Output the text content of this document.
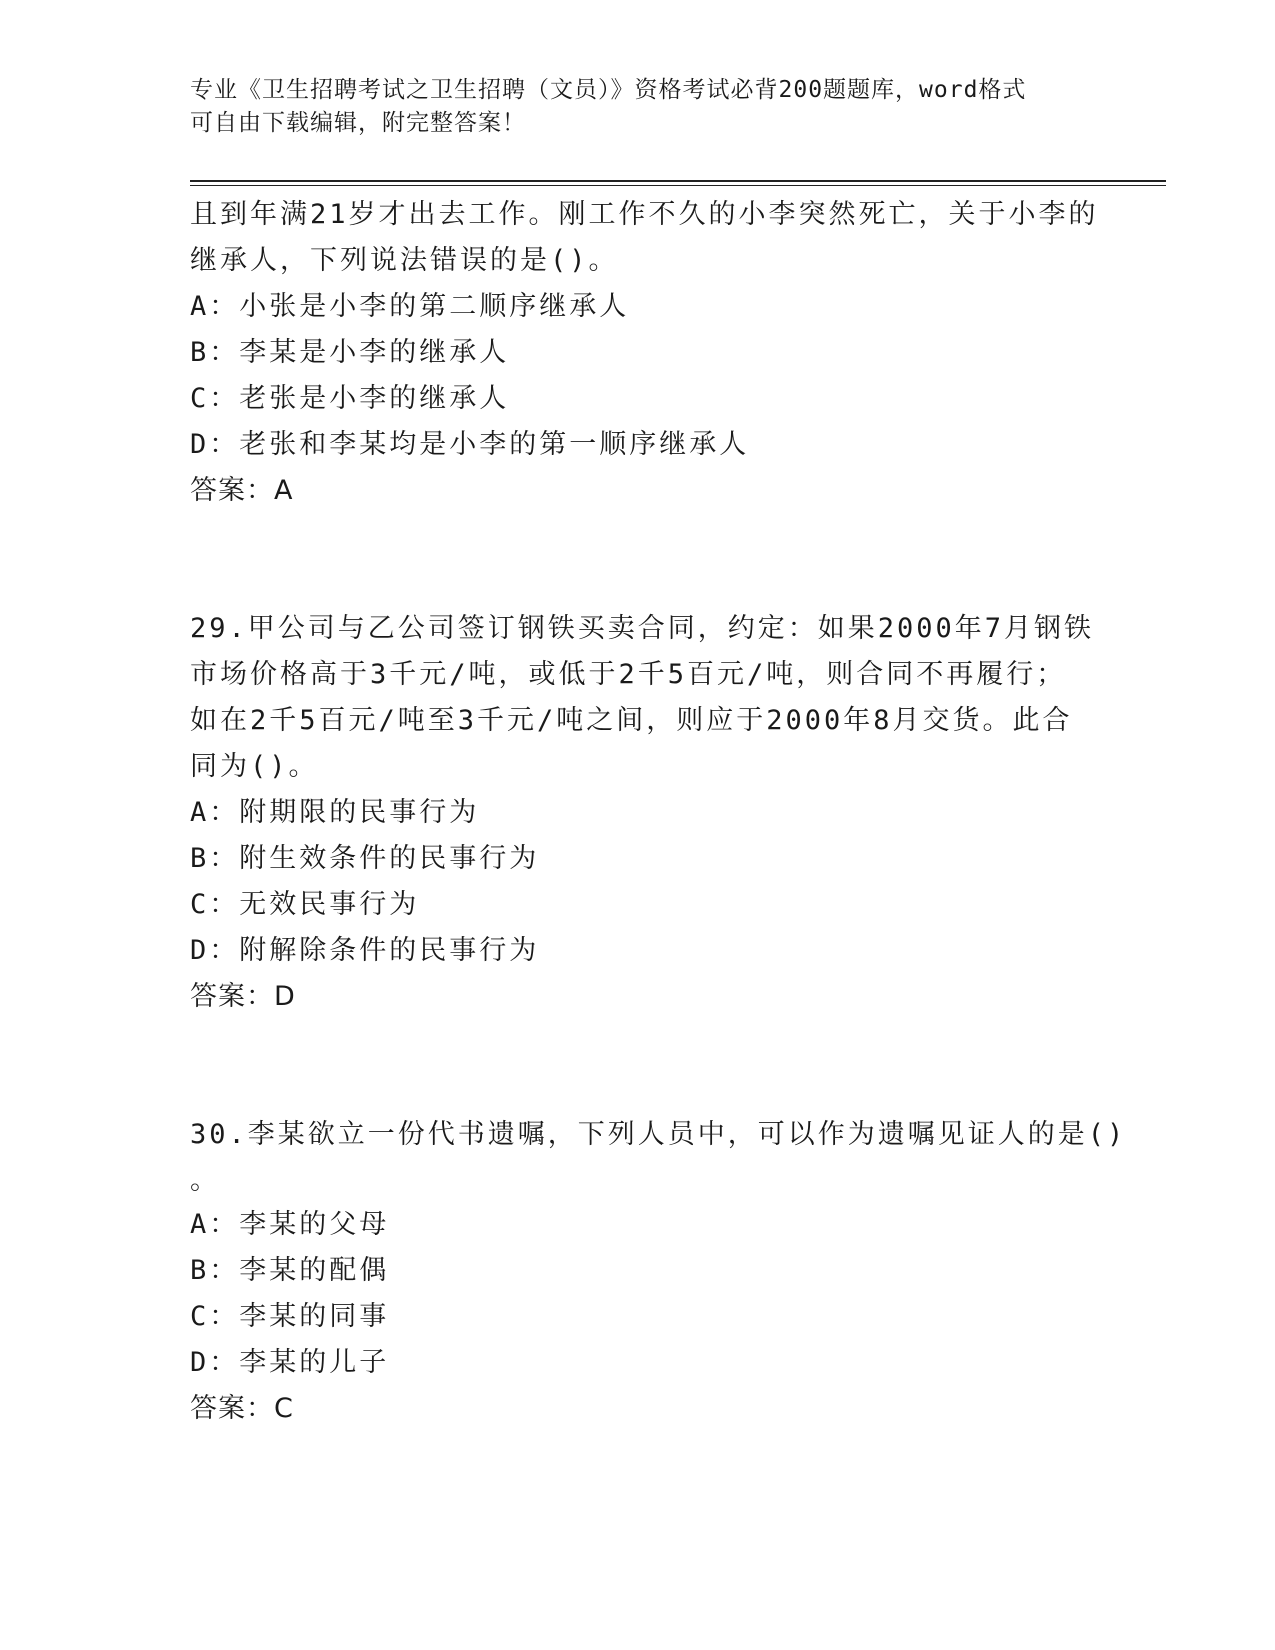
专业《卫生招聘考试之卫生招聘（文员）》资格考试必背200题题库，word格式
可自由下载编辑，附完整答案！
且到年满21岁才出去工作。刚工作不久的小李突然死亡，关于小李的
继承人，下列说法错误的是()。
A：小张是小李的第二顺序继承人
B：李某是小李的继承人
C：老张是小李的继承人
D：老张和李某均是小李的第一顺序继承人
答案：A
29.甲公司与乙公司签订钢铁买卖合同，约定：如果2000年7月钢铁
市场价格高于3千元/吨，或低于2千5百元/吨，则合同不再履行；
如在2千5百元/吨至3千元/吨之间，则应于2000年8月交货。此合
同为()。
A：附期限的民事行为
B：附生效条件的民事行为
C：无效民事行为
D：附解除条件的民事行为
答案：D
30.李某欲立一份代书遗嘱，下列人员中，可以作为遗嘱见证人的是()
。
A：李某的父母
B：李某的配偶
C：李某的同事
D：李某的儿子
答案：C
